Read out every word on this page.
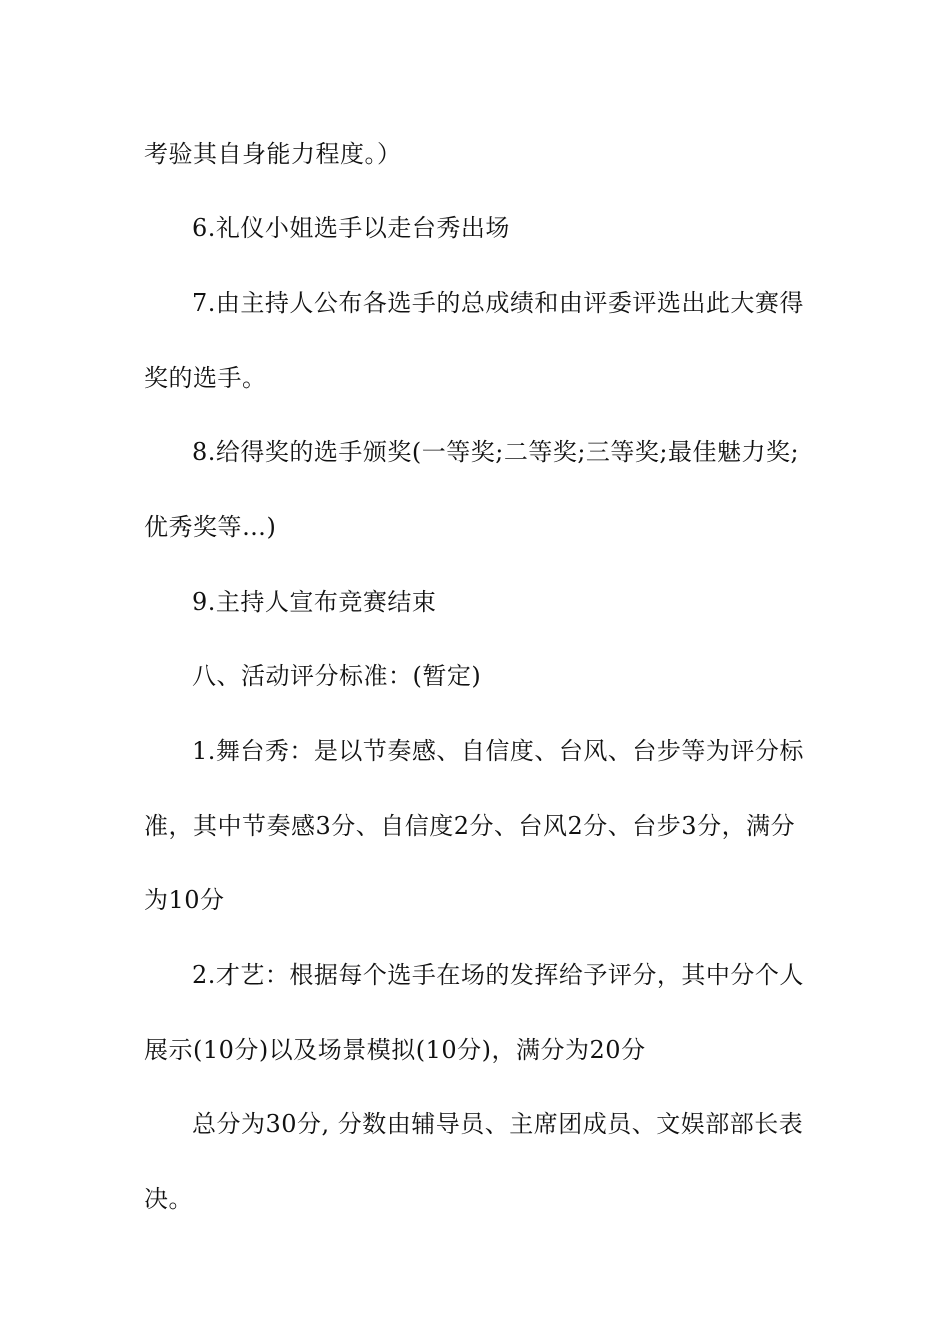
考验其自身能力程度。）
6.礼仪小姐选手以走台秀出场
7.由主持人公布各选手的总成绩和由评委评选出此大赛得
奖的选手。
8.给得奖的选手颁奖(一等奖;二等奖;三等奖;最佳魅力奖;
优秀奖等…)
9.主持人宣布竞赛结束
八、活动评分标准：(暂定)
1.舞台秀：是以节奏感、自信度、台风、台步等为评分标
准，其中节奏感3分、自信度2分、台风2分、台步3分，满分
为10分
2.才艺：根据每个选手在场的发挥给予评分，其中分个人
展示(10分)以及场景模拟(10分)，满分为20分
总分为30分, 分数由辅导员、主席团成员、文娱部部长表
决。
